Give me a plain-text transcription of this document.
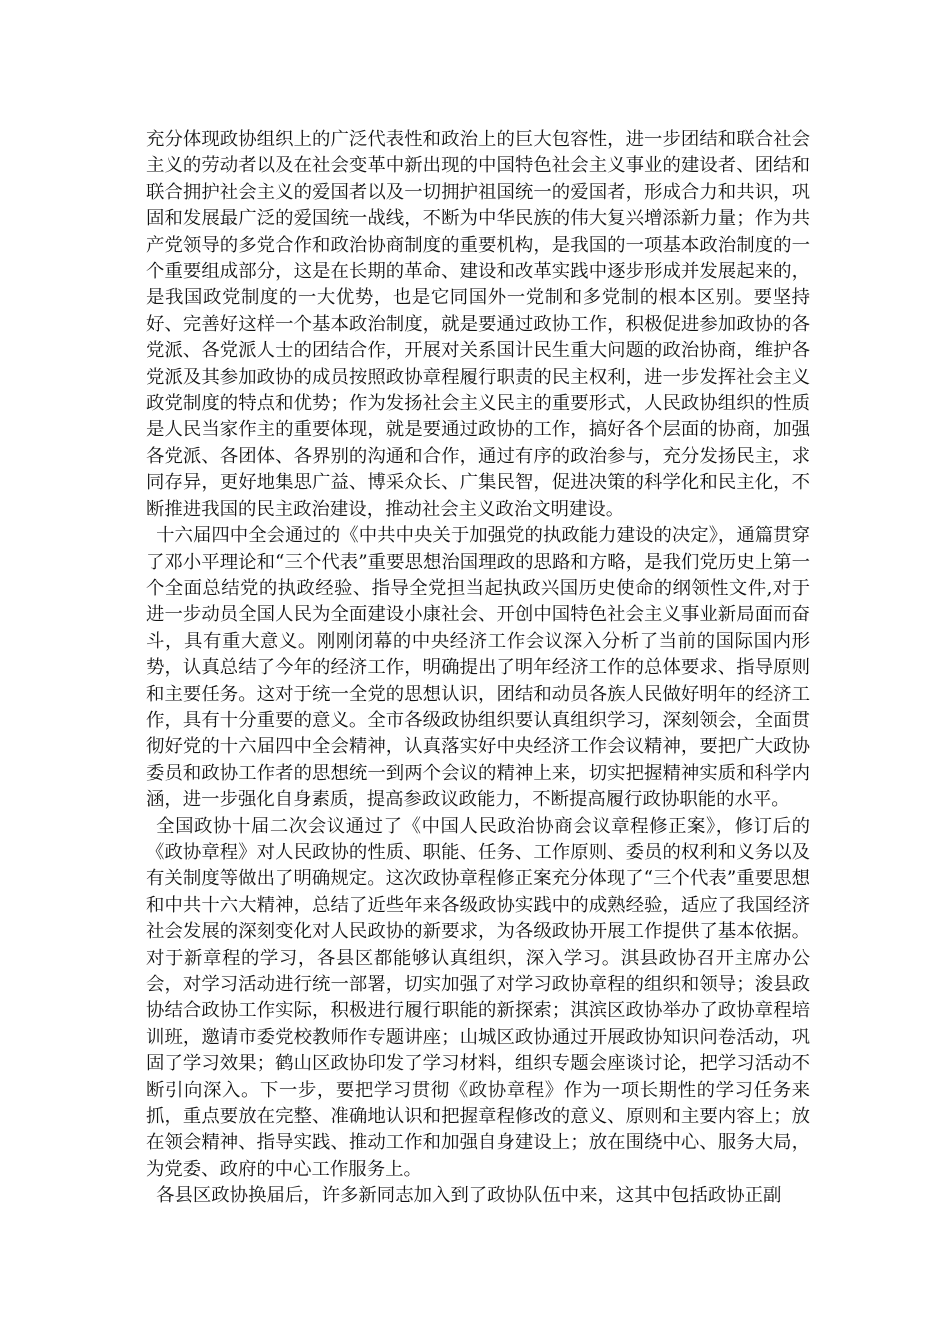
充分体现政协组织上的广泛代表性和政治上的巨大包容性，进一步团结和联合社会主义的劳动者以及在社会变革中新出现的中国特色社会主义事业的建设者、团结和联合拥护社会主义的爱国者以及一切拥护祖国统一的爱国者，形成合力和共识，巩固和发展最广泛的爱国统一战线，不断为中华民族的伟大复兴增添新力量；作为共产党领导的多党合作和政治协商制度的重要机构，是我国的一项基本政治制度的一个重要组成部分，这是在长期的革命、建设和改革实践中逐步形成并发展起来的，是我国政党制度的一大优势，也是它同国外一党制和多党制的根本区别。要坚持好、完善好这样一个基本政治制度，就是要通过政协工作，积极促进参加政协的各党派、各党派人士的团结合作，开展对关系国计民生重大问题的政治协商，维护各党派及其参加政协的成员按照政协章程履行职责的民主权利，进一步发挥社会主义政党制度的特点和优势；作为发扬社会主义民主的重要形式，人民政协组织的性质是人民当家作主的重要体现，就是要通过政协的工作，搞好各个层面的协商，加强各党派、各团体、各界别的沟通和合作，通过有序的政治参与，充分发扬民主，求同存异，更好地集思广益、博采众长、广集民智，促进决策的科学化和民主化，不断推进我国的民主政治建设，推动社会主义政治文明建设。

十六届四中全会通过的《中共中央关于加强党的执政能力建设的决定》，通篇贯穿了邓小平理论和“三个代表”重要思想治国理政的思路和方略，是我们党历史上第一个全面总结党的执政经验、指导全党担当起执政兴国历史使命的纲领性文件,对于进一步动员全国人民为全面建设小康社会、开创中国特色社会主义事业新局面而奋斗，具有重大意义。刚刚闭幕的中央经济工作会议深入分析了当前的国际国内形势，认真总结了今年的经济工作，明确提出了明年经济工作的总体要求、指导原则和主要任务。这对于统一全党的思想认识，团结和动员各族人民做好明年的经济工作，具有十分重要的意义。全市各级政协组织要认真组织学习，深刻领会，全面贯彻好党的十六届四中全会精神，认真落实好中央经济工作会议精神，要把广大政协委员和政协工作者的思想统一到两个会议的精神上来，切实把握精神实质和科学内涵，进一步强化自身素质，提高参政议政能力，不断提高履行政协职能的水平。

全国政协十届二次会议通过了《中国人民政治协商会议章程修正案》，修订后的《政协章程》对人民政协的性质、职能、任务、工作原则、委员的权利和义务以及有关制度等做出了明确规定。这次政协章程修正案充分体现了“三个代表”重要思想和中共十六大精神，总结了近些年来各级政协实践中的成熟经验，适应了我国经济社会发展的深刻变化对人民政协的新要求，为各级政协开展工作提供了基本依据。对于新章程的学习，各县区都能够认真组织，深入学习。淇县政协召开主席办公会，对学习活动进行统一部署，切实加强了对学习政协章程的组织和领导；浚县政协结合政协工作实际，积极进行履行职能的新探索；淇滨区政协举办了政协章程培训班，邀请市委党校教师作专题讲座；山城区政协通过开展政协知识问卷活动，巩固了学习效果；鹤山区政协印发了学习材料，组织专题会座谈讨论，把学习活动不断引向深入。下一步，要把学习贯彻《政协章程》作为一项长期性的学习任务来抓，重点要放在完整、准确地认识和把握章程修改的意义、原则和主要内容上；放在领会精神、指导实践、推动工作和加强自身建设上；放在围绕中心、服务大局，为党委、政府的中心工作服务上。

各县区政协换届后，许多新同志加入到了政协队伍中来，这其中包括政协正副
